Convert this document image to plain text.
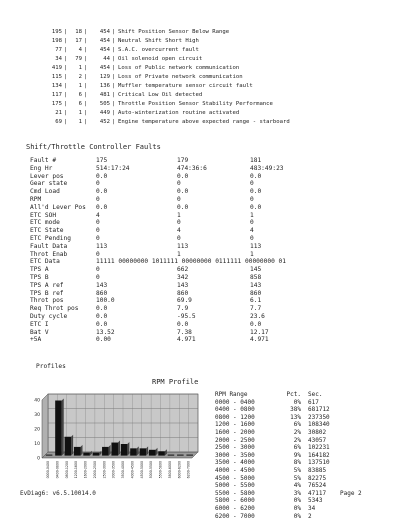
195 |	18 |	454 | Shift Position Sensor Below Range
198 |	17 |	454 | Neutral Shift Short High
77 |	4 |	454 | S.A.C. overcurrent fault
34 |	79 |	44 | Oil solenoid open circuit
419 |	1 |	454 | Loss of Public network communication
115 |	2 |	129 | Loss of Private network communication
134 |	1 |	136 | Muffler temperature sensor circuit fault
117 |	6 |	481 | Critical Low Oil detected
175 |	6 |	505 | Throttle Position Sensor Stability Performance
21 |	1 |	449 | Auto-winterization routine activated
69 |	1 |	452 | Engine temperature above expected range - starboard
Shift/Throttle Controller Faults
Fault #	175	179	181
Eng Hr	514:17:24	474:36:6	483:49:23
Lever pos	0.0	0.0	0.0
Gear state	0	0	0
Cmd Load	0.0	0.0	0.0
RPM	0	0	0
All'd Lever Pos 0.0	0.0	0.0
ETC SOH	4	1	1
ETC mode	0	0	0
ETC State	0	4	4
ETC Pending	0	0	0
Fault Data	113	113	113
Throt Enab	0	1	1
ETC Data	11111 00000000 1011111 00000000 0111111 00000000 01
TPS A	0	662	145
TPS B	0	342	858
TPS A ref	143	143	143
TPS B ref	860	860	860
Throt pos	100.0	69.9	6.1
Req Throt pos	0.0	7.9	7.7
Duty cycle	0.0	-95.5	23.6
ETC I	0.0	0.0	0.0
Bat V	13.52	7.38	12.17
+5A	0.00	4.971	4.971
Profiles
RPM Profile
0
10
20
30
40
0000-0400 0400-0800 0800-1200 1200-1600 1600-2000 2000-2500 2500-3000 3000-3500 3500-4000 4000-4500 4500-5000 5000-5500 5500-5800 5800-6000 6000-6200 6200-7000

RPM Range

	Pct.

Sec.

0000 - 0400	0% 617
0400 - 0800	38% 681712
0800 - 1200	13% 237350
1200 - 1600	6% 108340
1600 - 2000	2% 30802
2000 - 2500	2% 43057
2500 - 3000	6% 102231
3000 - 3500	9% 164182
3500 - 4000	8% 137510
4000 - 4500	5% 83885
4500 - 5000	5% 82275
5000 - 5500	4% 76524
5500 - 5800	3% 47117
5800 - 6000	0% 5343
6000 - 6200	0% 34
6200 - 7000	0% 2
EvDiag6: v6.5.10014.0	Page 2
